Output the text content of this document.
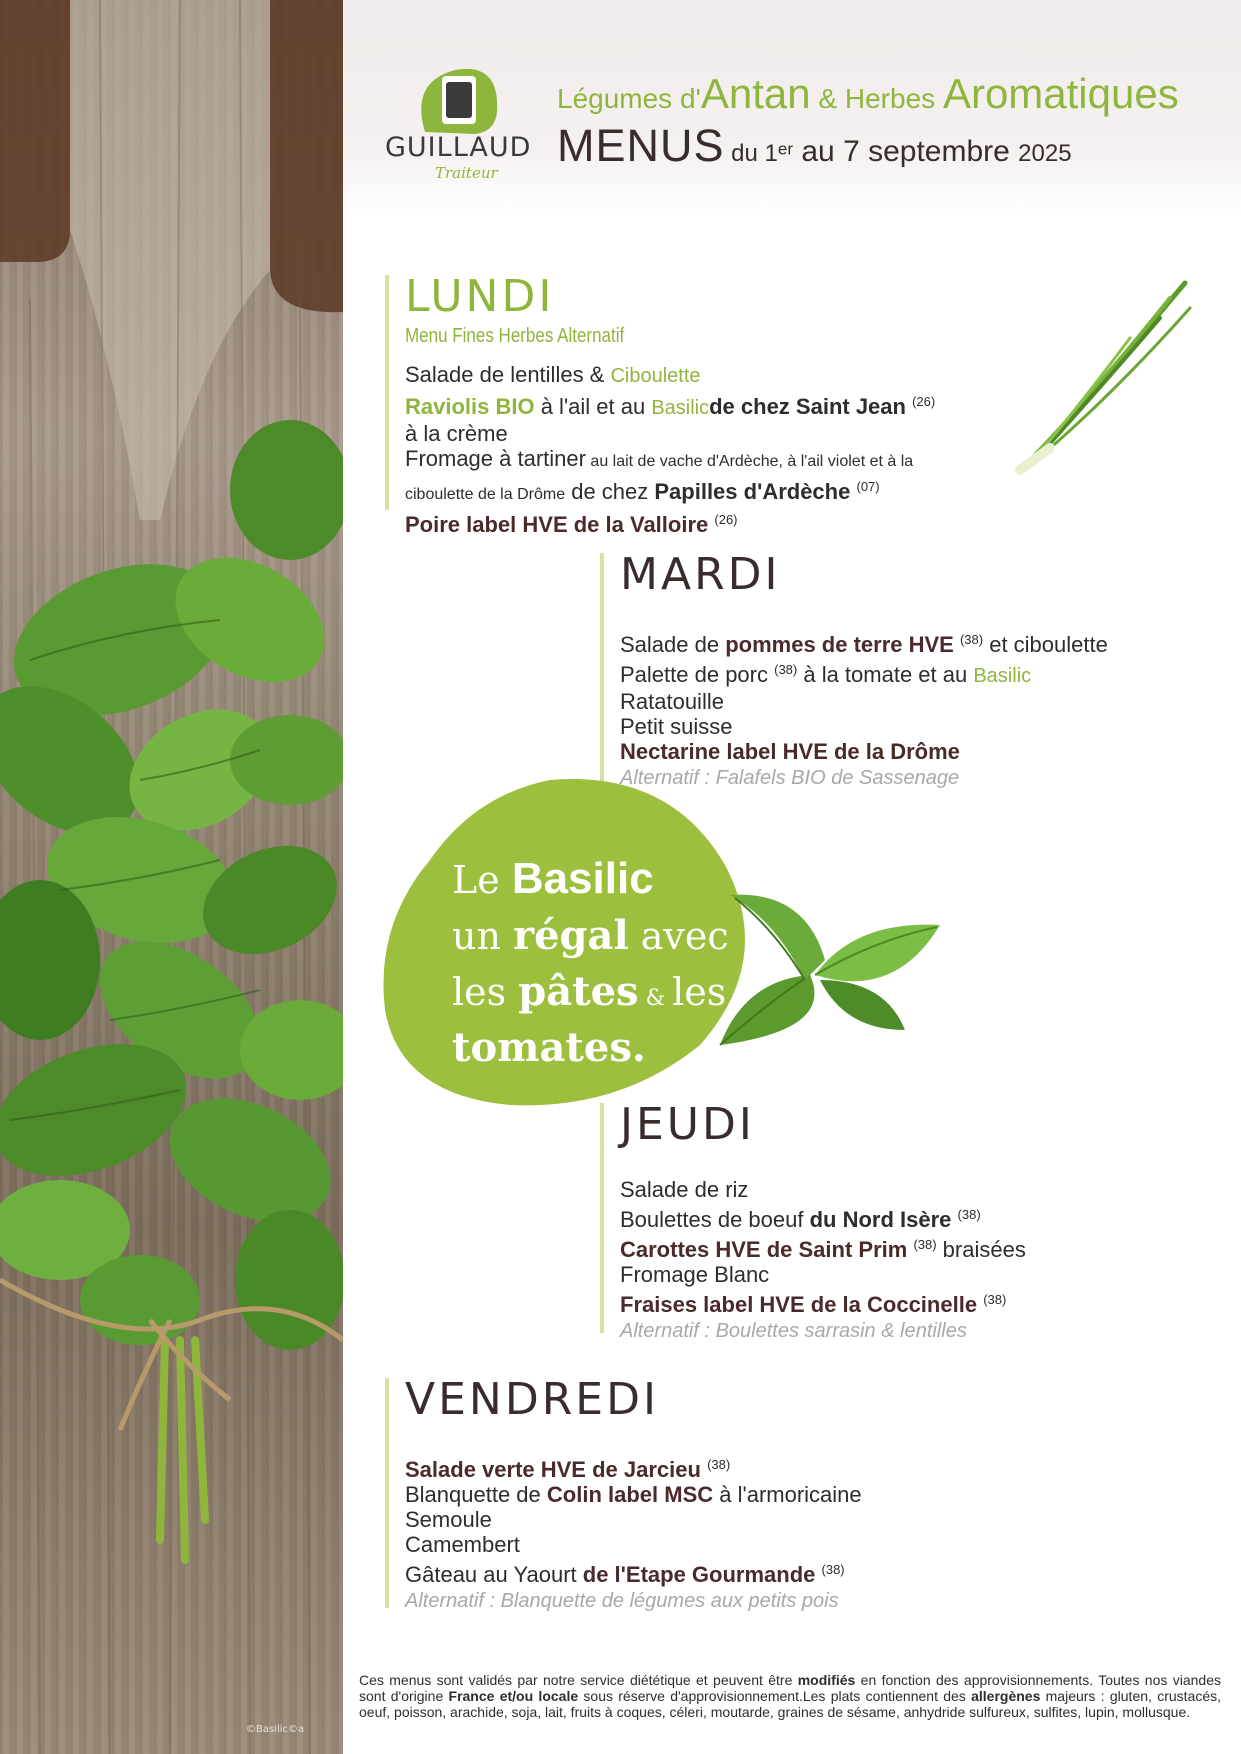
©Basilic©a
GUILLAUD
Traiteur
Légumes d'Antan & Herbes Aromatiques
MENUS du 1er au 7 septembre 2025
LUNDI
Menu Fines Herbes Alternatif
Salade de lentilles & Ciboulette
Raviolis BIO à l'ail et au Basilicde chez Saint Jean $^{(26)}$
à la crème
Fromage à tartiner au lait de vache d'Ardèche, à l'ail violet et à la
ciboulette de la Drôme de chez Papilles d'Ardèche $^{(07)}$
Poire label HVE de la Valloire $^{(26)}$
MARDI
Salade de pommes de terre HVE $^{(38)}$ et ciboulette
Palette de porc $^{(38)}$ à la tomate et au Basilic
Ratatouille
Petit suisse
Nectarine label HVE de la Drôme
Alternatif : Falafels BIO de Sassenage
Le Basilic
un régal avec
les pâtes & les
tomates.
JEUDI
Salade de riz
Boulettes de boeuf du Nord Isère $^{(38)}$
Carottes HVE de Saint Prim $^{(38)}$ braisées
Fromage Blanc
Fraises label HVE de la Coccinelle $^{(38)}$
Alternatif : Boulettes sarrasin & lentilles
VENDREDI
Salade verte HVE de Jarcieu $^{(38)}$
Blanquette de Colin label MSC à l'armoricaine
Semoule
Camembert
Gâteau au Yaourt de l'Etape Gourmande $^{(38)}$
Alternatif : Blanquette de légumes aux petits pois
Ces menus sont validés par notre service diététique et peuvent être modifiés en fonction des approvisionnements. Toutes nos viandes sont d'origine France et/ou locale sous réserve d'approvisionnement.Les plats contiennent des allergènes majeurs : gluten, crustacés, oeuf, poisson, arachide, soja, lait, fruits à coques, céleri, moutarde, graines de sésame, anhydride sulfureux, sulfites, lupin, mollusque.
